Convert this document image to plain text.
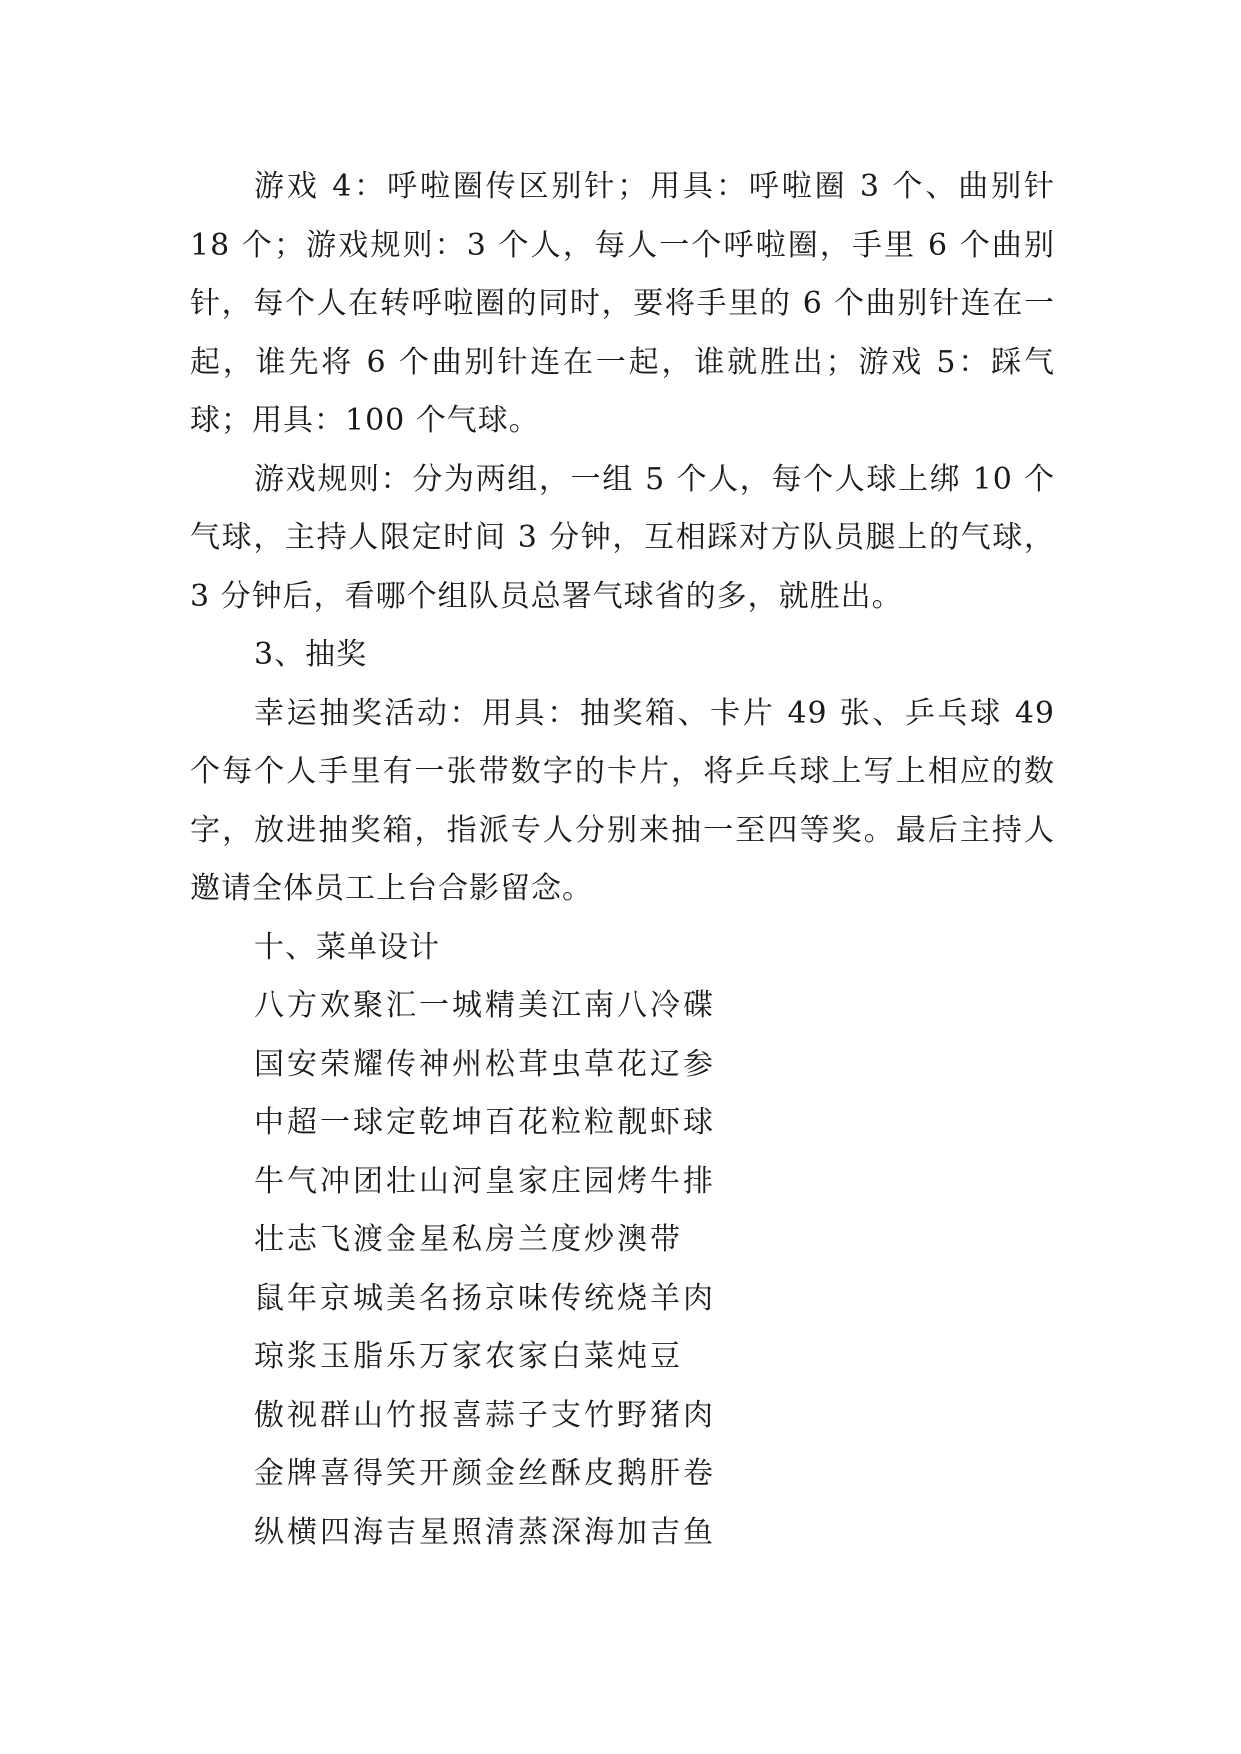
游戏 4：呼啦圈传区别针；用具：呼啦圈 3 个、曲别针 18 个；游戏规则：3 个人，每人一个呼啦圈，手里 6 个曲别针，每个人在转呼啦圈的同时，要将手里的 6 个曲别针连在一起，谁先将 6 个曲别针连在一起，谁就胜出；游戏 5：踩气球；用具：100 个气球。

游戏规则：分为两组，一组 5 个人，每个人球上绑 10 个气球，主持人限定时间 3 分钟，互相踩对方队员腿上的气球，3 分钟后，看哪个组队员总署气球省的多，就胜出。

3、抽奖

幸运抽奖活动：用具：抽奖箱、卡片 49 张、乒乓球 49 个每个人手里有一张带数字的卡片，将乒乓球上写上相应的数字，放进抽奖箱，指派专人分别来抽一至四等奖。最后主持人邀请全体员工上台合影留念。

十、菜单设计

八方欢聚汇一城精美江南八冷碟

国安荣耀传神州松茸虫草花辽参

中超一球定乾坤百花粒粒靓虾球

牛气冲团壮山河皇家庄园烤牛排

壮志飞渡金星私房兰度炒澳带

鼠年京城美名扬京味传统烧羊肉

琼浆玉脂乐万家农家白菜炖豆

傲视群山竹报喜蒜子支竹野猪肉

金牌喜得笑开颜金丝酥皮鹅肝卷

纵横四海吉星照清蒸深海加吉鱼
